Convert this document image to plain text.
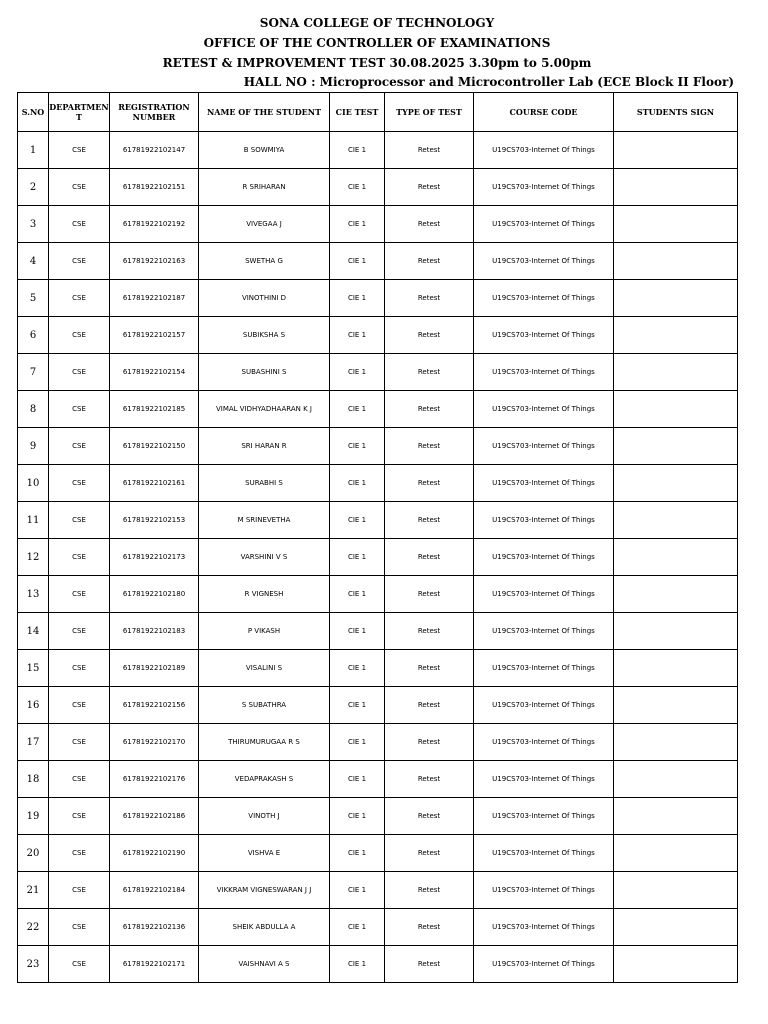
SONA COLLEGE OF TECHNOLOGY
OFFICE OF THE CONTROLLER OF EXAMINATIONS
RETEST & IMPROVEMENT TEST 30.08.2025 3.30pm to 5.00pm
HALL NO : Microprocessor and Microcontroller Lab (ECE Block II Floor)
S.NO	DEPARTMENT	REGISTRATION NUMBER	NAME OF THE STUDENT	CIE TEST	TYPE OF TEST	COURSE CODE	STUDENTS SIGN
1	CSE	61781922102147	B SOWMIYA	CIE 1	Retest	U19CS703-Internet Of Things	
2	CSE	61781922102151	R SRIHARAN	CIE 1	Retest	U19CS703-Internet Of Things	
3	CSE	61781922102192	VIVEGAA J	CIE 1	Retest	U19CS703-Internet Of Things	
4	CSE	61781922102163	SWETHA G	CIE 1	Retest	U19CS703-Internet Of Things	
5	CSE	61781922102187	VINOTHINI D	CIE 1	Retest	U19CS703-Internet Of Things	
6	CSE	61781922102157	SUBIKSHA S	CIE 1	Retest	U19CS703-Internet Of Things	
7	CSE	61781922102154	SUBASHINI S	CIE 1	Retest	U19CS703-Internet Of Things	
8	CSE	61781922102185	VIMAL VIDHYADHAARAN K J	CIE 1	Retest	U19CS703-Internet Of Things	
9	CSE	61781922102150	SRI HARAN R	CIE 1	Retest	U19CS703-Internet Of Things	
10	CSE	61781922102161	SURABHI S	CIE 1	Retest	U19CS703-Internet Of Things	
11	CSE	61781922102153	M SRINEVETHA	CIE 1	Retest	U19CS703-Internet Of Things	
12	CSE	61781922102173	VARSHINI V S	CIE 1	Retest	U19CS703-Internet Of Things	
13	CSE	61781922102180	R VIGNESH	CIE 1	Retest	U19CS703-Internet Of Things	
14	CSE	61781922102183	P VIKASH	CIE 1	Retest	U19CS703-Internet Of Things	
15	CSE	61781922102189	VISALINI S	CIE 1	Retest	U19CS703-Internet Of Things	
16	CSE	61781922102156	S SUBATHRA	CIE 1	Retest	U19CS703-Internet Of Things	
17	CSE	61781922102170	THIRUMURUGAA R S	CIE 1	Retest	U19CS703-Internet Of Things	
18	CSE	61781922102176	VEDAPRAKASH S	CIE 1	Retest	U19CS703-Internet Of Things	
19	CSE	61781922102186	VINOTH J	CIE 1	Retest	U19CS703-Internet Of Things	
20	CSE	61781922102190	VISHVA E	CIE 1	Retest	U19CS703-Internet Of Things	
21	CSE	61781922102184	VIKKRAM VIGNESWARAN J J	CIE 1	Retest	U19CS703-Internet Of Things	
22	CSE	61781922102136	SHEIK ABDULLA A	CIE 1	Retest	U19CS703-Internet Of Things	
23	CSE	61781922102171	VAISHNAVI A S	CIE 1	Retest	U19CS703-Internet Of Things	
